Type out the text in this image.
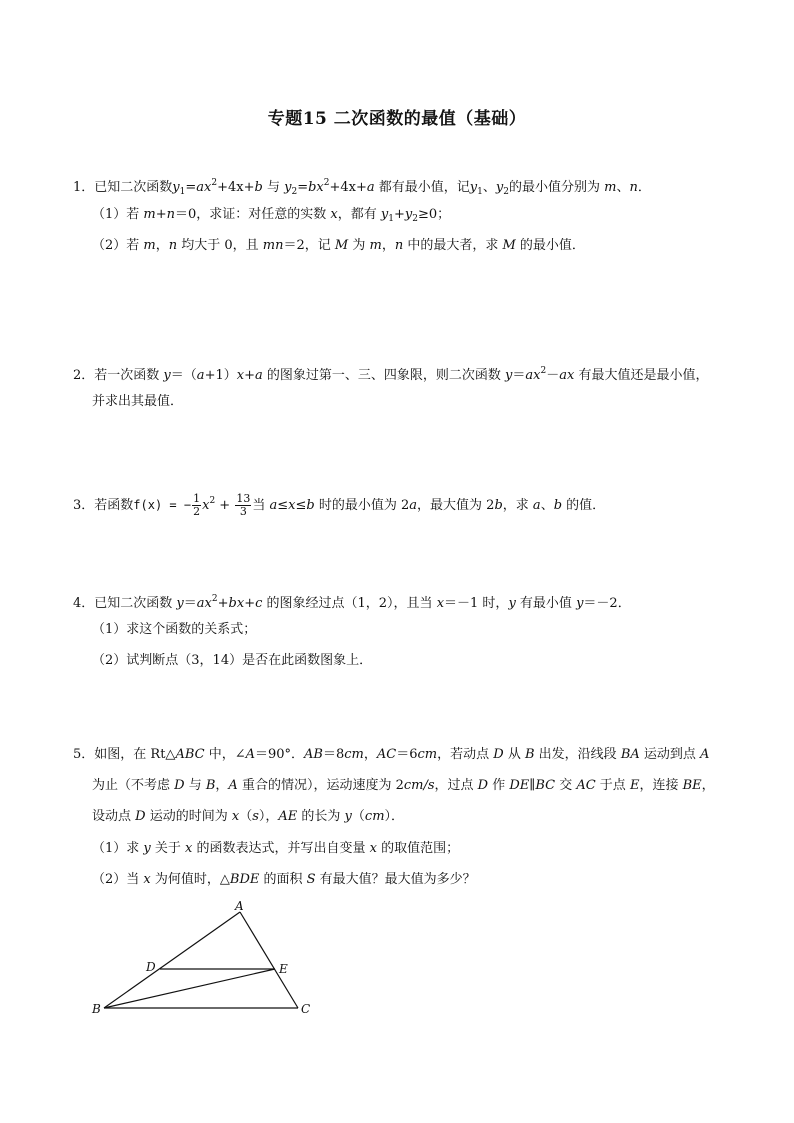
专题15 二次函数的最值（基础）
1．已知二次函数$y_1=ax^2+4x+b$ 与 $y_2=bx^2+4x+a$ 都有最小值，记$y_1$、$y_2$的最小值分别为 m、n．
（1）若 m+n＝0，求证：对任意的实数 x，都有 $y_1+y_2\ge 0$；
（2）若 m，n 均大于 0，且 mn＝2，记 M 为 m，n 中的最大者，求 M 的最小值．
2．若一次函数 y＝（a+1）x+a 的图象过第一、三、四象限，则二次函数 $y=ax^2-ax$ 有最大值还是最小值，
并求出其最值．
3．若函数f(x) = − $\frac{1}{2} x^2 + \frac{13}{3}$ 当 a≤x≤b 时的最小值为 2a，最大值为 2b，求 a、b 的值．
4．已知二次函数 $y=ax^2+bx+c$ 的图象经过点（1，2），且当 x＝－1 时，y 有最小值 y＝－2．
（1）求这个函数的关系式；
（2）试判断点（3，14）是否在此函数图象上．
5．如图，在 Rt△ABC 中，∠A＝90°．AB＝8cm，AC＝6cm，若动点 D 从 B 出发，沿线段 BA 运动到点 A
为止（不考虑 D 与 B，A 重合的情况），运动速度为 2cm/s，过点 D 作 DE∥BC 交 AC 于点 E，连接 BE，
设动点 D 运动的时间为 x（s），AE 的长为 y（cm）．
（1）求 y 关于 x 的函数表达式，并写出自变量 x 的取值范围；
（2）当 x 为何值时，△BDE 的面积 S 有最大值？最大值为多少？
A
B	C
D	E
